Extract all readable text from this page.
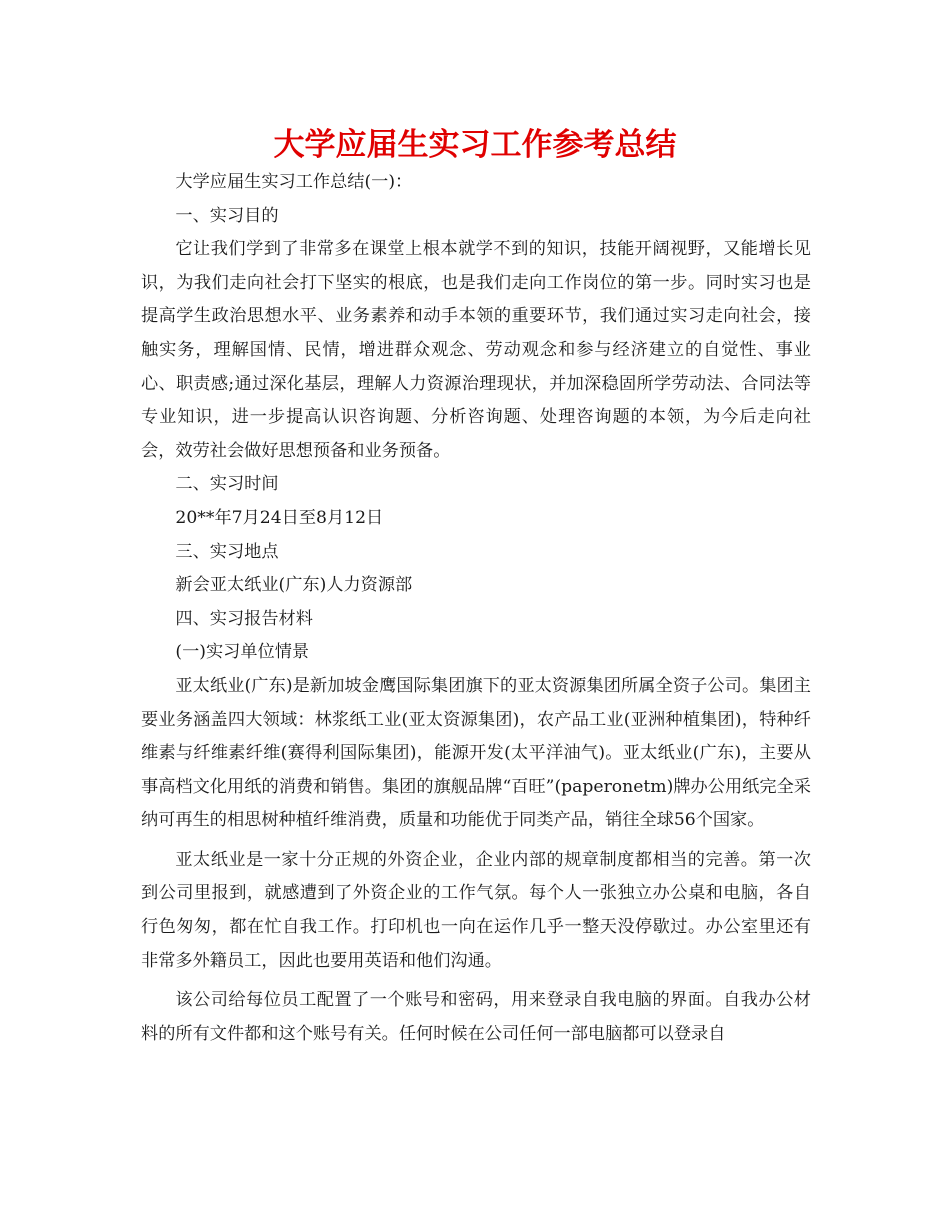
大学应届生实习工作参考总结

大学应届生实习工作总结(一)：

一、实习目的

它让我们学到了非常多在课堂上根本就学不到的知识，技能开阔视野，又能增长见识，为我们走向社会打下坚实的根底，也是我们走向工作岗位的第一步。同时实习也是提高学生政治思想水平、业务素养和动手本领的重要环节，我们通过实习走向社会，接触实务，理解国情、民情，增进群众观念、劳动观念和参与经济建立的自觉性、事业心、职责感;通过深化基层，理解人力资源治理现状，并加深稳固所学劳动法、合同法等专业知识，进一步提高认识咨询题、分析咨询题、处理咨询题的本领，为今后走向社会，效劳社会做好思想预备和业务预备。

二、实习时间

20**年7月24日至8月12日

三、实习地点

新会亚太纸业(广东)人力资源部

四、实习报告材料

(一)实习单位情景

亚太纸业(广东)是新加坡金鹰国际集团旗下的亚太资源集团所属全资子公司。集团主要业务涵盖四大领域：林浆纸工业(亚太资源集团)，农产品工业(亚洲种植集团)，特种纤维素与纤维素纤维(赛得利国际集团)，能源开发(太平洋油气)。亚太纸业(广东)，主要从事高档文化用纸的消费和销售。集团的旗舰品牌“百旺”(paperonetm)牌办公用纸完全采纳可再生的相思树种植纤维消费，质量和功能优于同类产品，销往全球56个国家。

亚太纸业是一家十分正规的外资企业，企业内部的规章制度都相当的完善。第一次到公司里报到，就感遭到了外资企业的工作气氛。每个人一张独立办公桌和电脑，各自行色匆匆，都在忙自我工作。打印机也一向在运作几乎一整天没停歇过。办公室里还有非常多外籍员工，因此也要用英语和他们沟通。

该公司给每位员工配置了一个账号和密码，用来登录自我电脑的界面。自我办公材料的所有文件都和这个账号有关。任何时候在公司任何一部电脑都可以登录自
